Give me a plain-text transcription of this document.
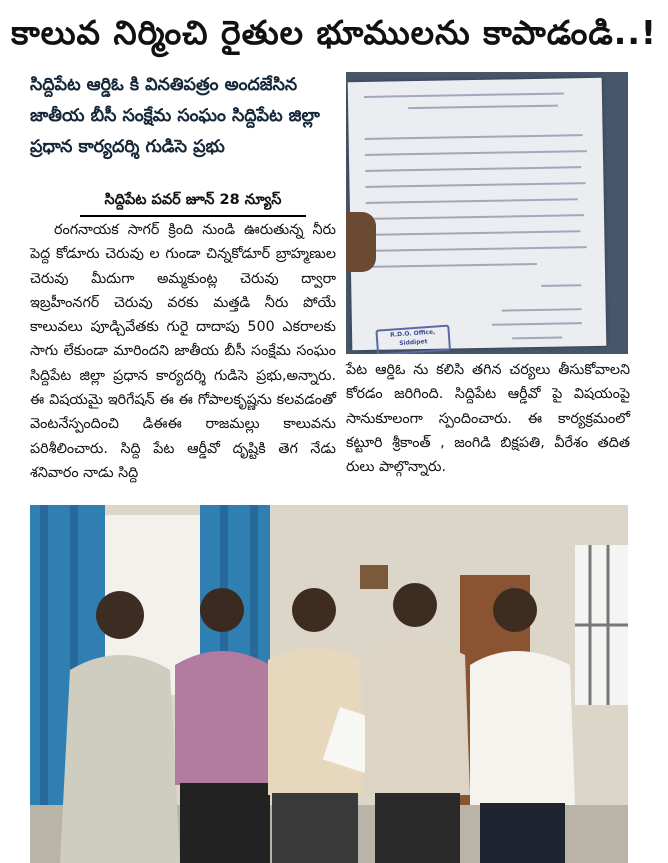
కాలువ నిర్మించి రైతుల భూములను కాపాడండి..!
సిద్దిపేట ఆర్డిఓ కి వినతిపత్రం అందజేసిన జాతీయ బీసీ సంక్షేమ సంఘం సిద్దిపేట జిల్లా ప్రధాన కార్యదర్శి గుడిసె ప్రభు
సిద్దిపేట పవర్ జూన్ 28 న్యూస్

రంగనాయక సాగర్ క్రింది నుండి ఊరుతున్న నీరు పెద్ద కోడూరు చెరువు ల గుండా చిన్నకోడూర్ బ్రాహ్మణుల చెరువు మీదుగా అమ్మకుంట్ల చెరువు ద్వారా ఇబ్రహీంనగర్ చెరువు వరకు మత్తడి నీరు పోయే కాలువలు పూడ్చివేతకు గురై దాదాపు 500 ఎకరాలకు సాగు లేకుండా మారిందని జాతీయ బీసీ సంక్షేమ సంఘం సిద్దిపేట జిల్లా ప్రధాన కార్యదర్శి గుడిసె ప్రభు,అన్నారు. ఈ విషయమై ఇరిగేషన్ ఈ ఈ గోపాలకృష్ణను కలవడంతో వెంటనేస్పందించి డిఈఈ రాజమల్లు కాలువను పరిశీలించారు. సిద్ది పేట ఆర్డీవో దృష్టికి తెగ నేడు శనివారం నాడు సిద్ది

R.D.O. Office, Siddipet

పేట ఆర్డిఓ ను కలిసి తగిన చర్యలు తీసుకోవాలని కోరడం జరిగింది. సిద్దిపేట ఆర్డీవో పై విషయంపై సానుకూలంగా స్పందించారు. ఈ కార్యక్రమంలో కట్టూరి శ్రీకాంత్ , జంగిడి బిక్షపతి, వీరేశం తదిత రులు పాల్గొన్నారు.
